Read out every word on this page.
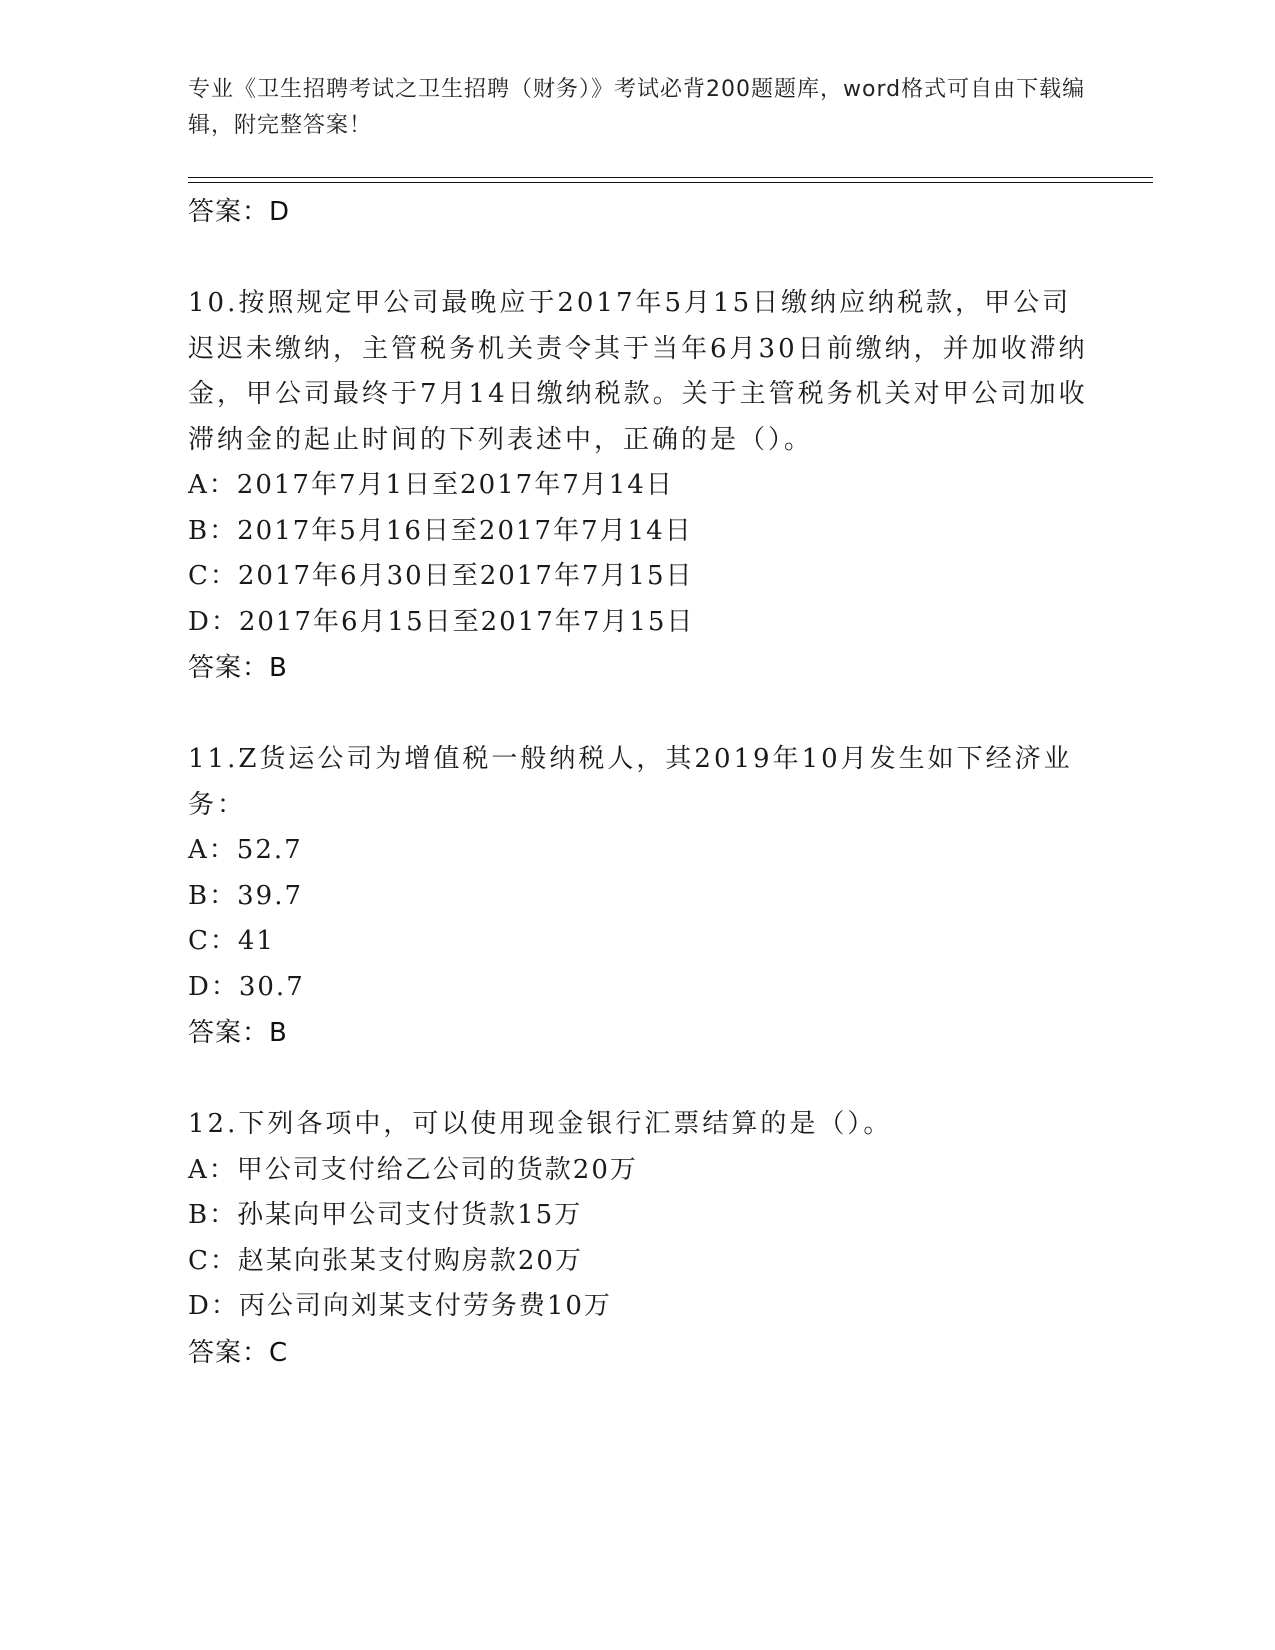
专业《卫生招聘考试之卫生招聘（财务）》考试必背200题题库，word格式可自由下载编辑，附完整答案！
答案：D
10.按照规定甲公司最晚应于2017年5月15日缴纳应纳税款，甲公司迟迟未缴纳，主管税务机关责令其于当年6月30日前缴纳，并加收滞纳金，甲公司最终于7月14日缴纳税款。关于主管税务机关对甲公司加收滞纳金的起止时间的下列表述中，正确的是（）。
A：2017年7月1日至2017年7月14日
B：2017年5月16日至2017年7月14日
C：2017年6月30日至2017年7月15日
D：2017年6月15日至2017年7月15日
答案：B
11.Z货运公司为增值税一般纳税人，其2019年10月发生如下经济业务：
A：52.7
B：39.7
C：41
D：30.7
答案：B
12.下列各项中，可以使用现金银行汇票结算的是（）。
A：甲公司支付给乙公司的货款20万
B：孙某向甲公司支付货款15万
C：赵某向张某支付购房款20万
D：丙公司向刘某支付劳务费10万
答案：C
